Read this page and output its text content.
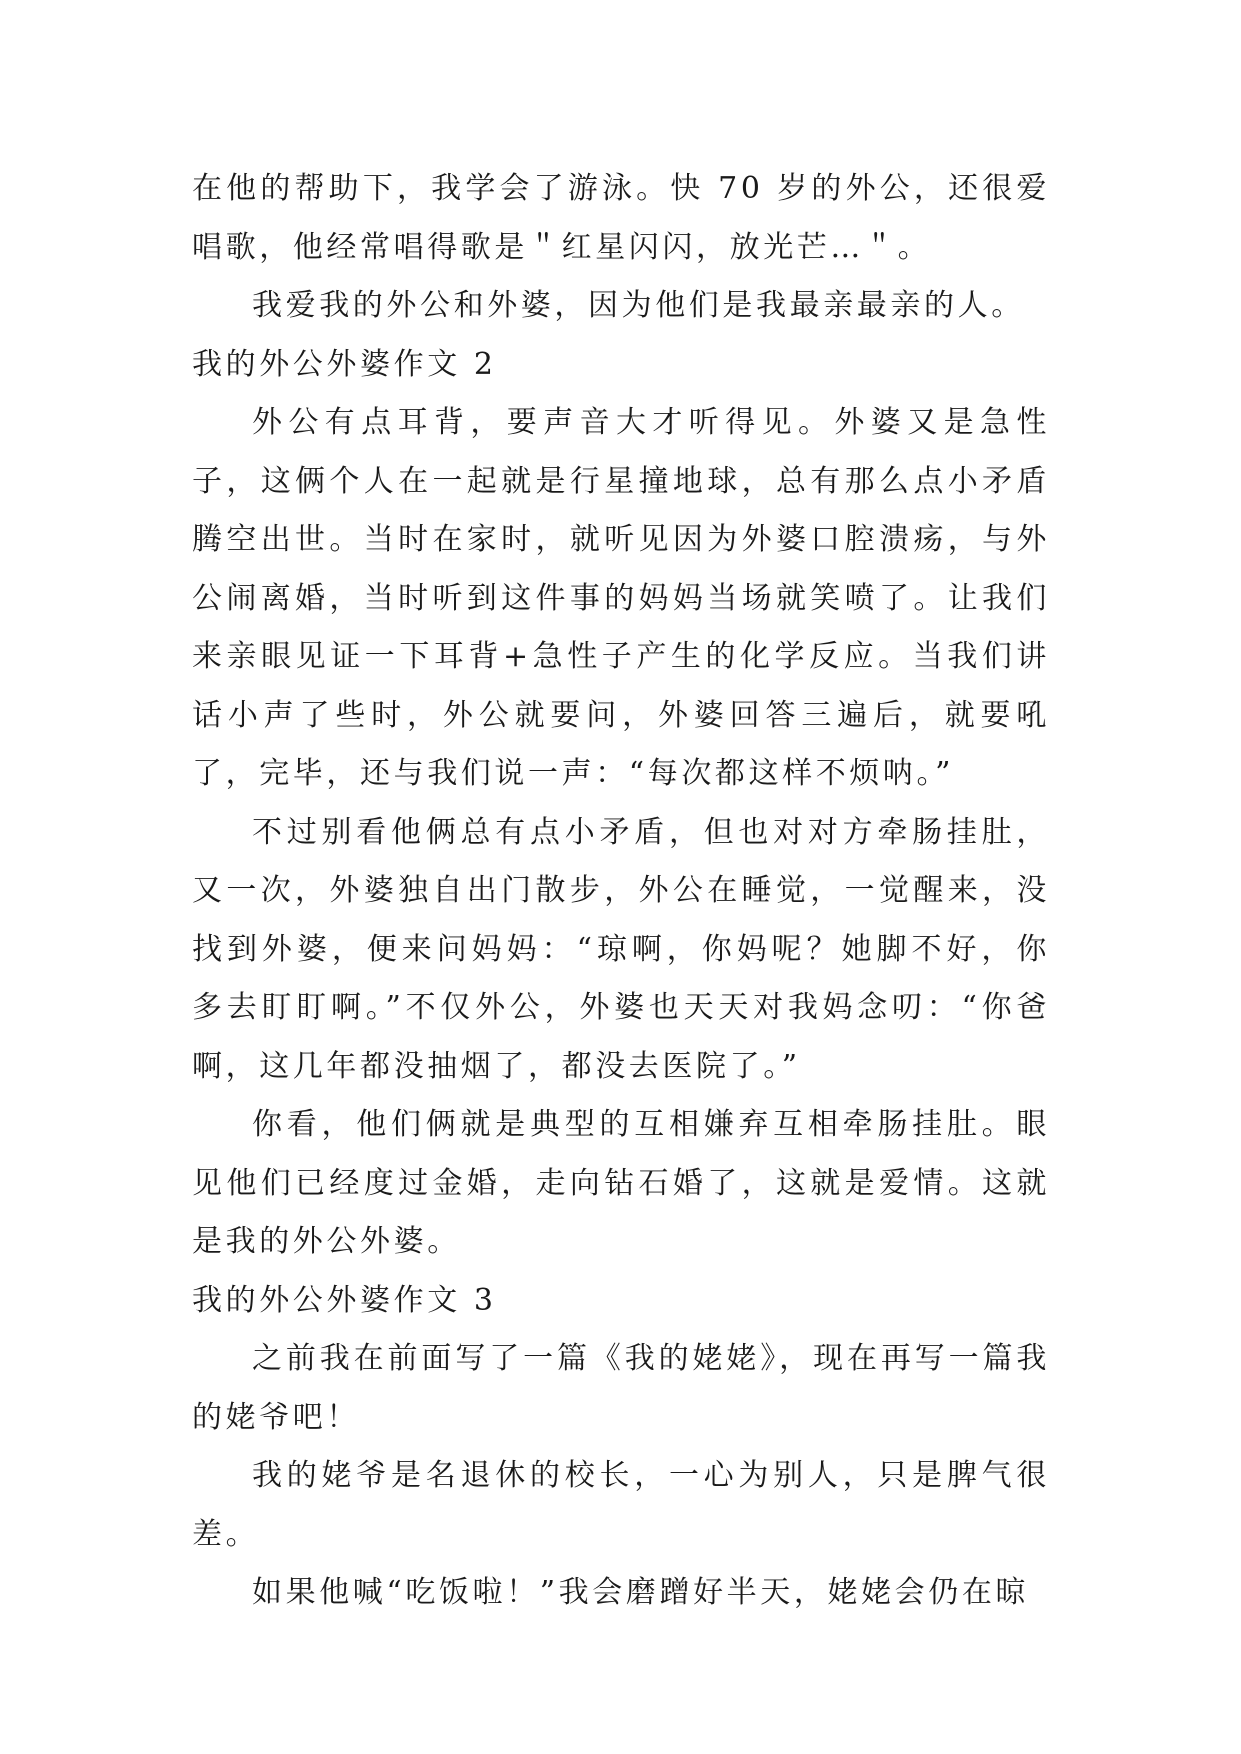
在他的帮助下，我学会了游泳。快 70 岁的外公，还很爱唱歌，他经常唱得歌是＂红星闪闪，放光芒…＂。

我爱我的外公和外婆，因为他们是我最亲最亲的人。

我的外公外婆作文 2

外公有点耳背，要声音大才听得见。外婆又是急性子，这俩个人在一起就是行星撞地球，总有那么点小矛盾腾空出世。当时在家时，就听见因为外婆口腔溃疡，与外公闹离婚，当时听到这件事的妈妈当场就笑喷了。让我们来亲眼见证一下耳背+急性子产生的化学反应。当我们讲话小声了些时，外公就要问，外婆回答三遍后，就要吼了，完毕，还与我们说一声：“每次都这样不烦呐。”

不过别看他俩总有点小矛盾，但也对对方牵肠挂肚，又一次，外婆独自出门散步，外公在睡觉，一觉醒来，没找到外婆，便来问妈妈：“琼啊，你妈呢？她脚不好，你多去盯盯啊。”不仅外公，外婆也天天对我妈念叨：“你爸啊，这几年都没抽烟了，都没去医院了。”

你看，他们俩就是典型的互相嫌弃互相牵肠挂肚。眼见他们已经度过金婚，走向钻石婚了，这就是爱情。这就是我的外公外婆。

我的外公外婆作文 3

之前我在前面写了一篇《我的姥姥》，现在再写一篇我的姥爷吧！

我的姥爷是名退休的校长，一心为别人，只是脾气很差。

如果他喊“吃饭啦！”我会磨蹭好半天，姥姥会仍在晾
